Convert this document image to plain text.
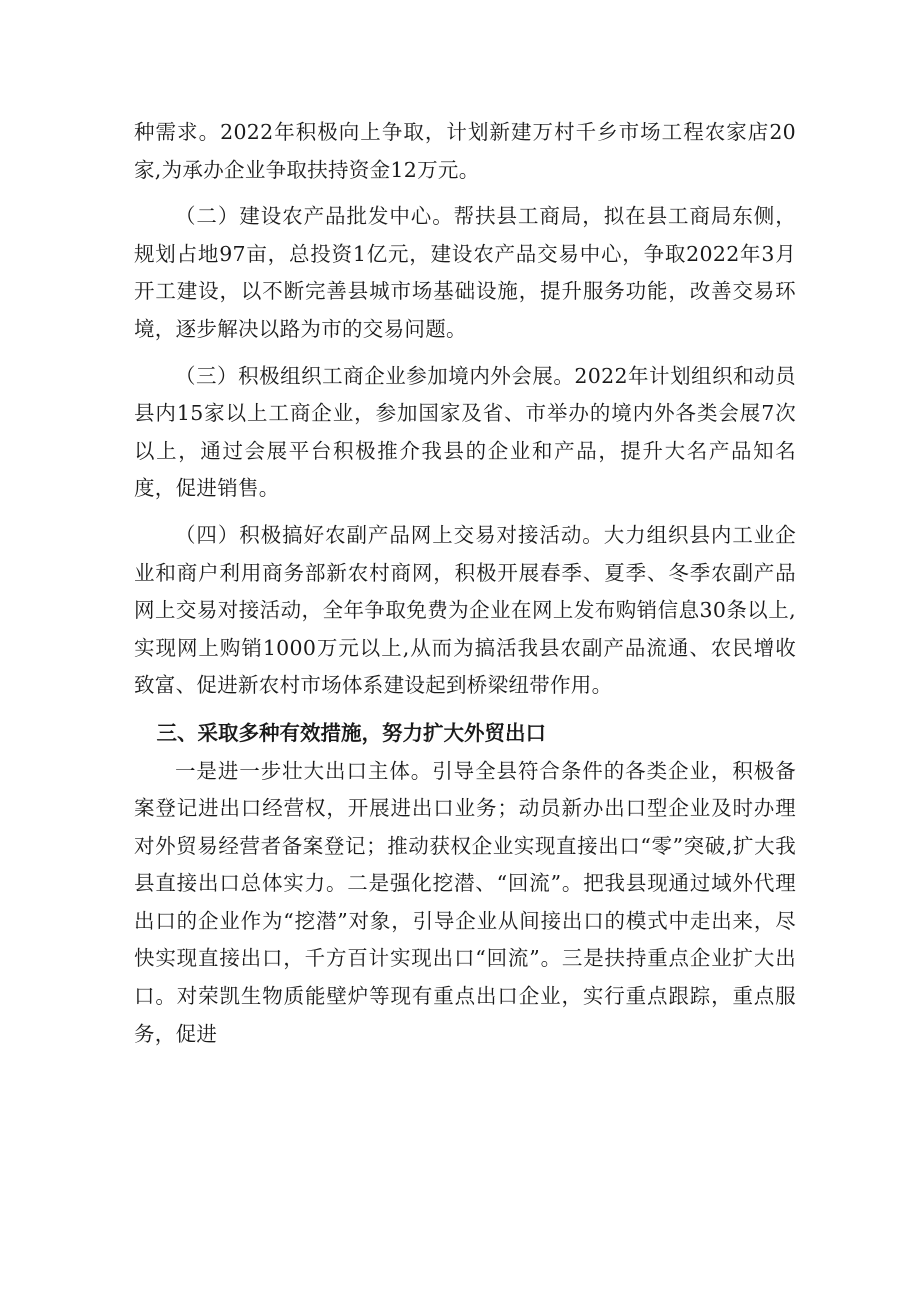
种需求。2022年积极向上争取，计划新建万村千乡市场工程农家店20家,为承办企业争取扶持资金12万元。

（二）建设农产品批发中心。帮扶县工商局，拟在县工商局东侧，规划占地97亩，总投资1亿元，建设农产品交易中心，争取2022年3月开工建设，以不断完善县城市场基础设施，提升服务功能，改善交易环境，逐步解决以路为市的交易问题。

（三）积极组织工商企业参加境内外会展。2022年计划组织和动员县内15家以上工商企业，参加国家及省、市举办的境内外各类会展7次以上，通过会展平台积极推介我县的企业和产品，提升大名产品知名度，促进销售。

（四）积极搞好农副产品网上交易对接活动。大力组织县内工业企业和商户利用商务部新农村商网，积极开展春季、夏季、冬季农副产品网上交易对接活动，全年争取免费为企业在网上发布购销信息30条以上,实现网上购销1000万元以上,从而为搞活我县农副产品流通、农民增收致富、促进新农村市场体系建设起到桥梁纽带作用。

三、采取多种有效措施，努力扩大外贸出口

一是进一步壮大出口主体。引导全县符合条件的各类企业，积极备案登记进出口经营权，开展进出口业务；动员新办出口型企业及时办理对外贸易经营者备案登记；推动获权企业实现直接出口“零”突破,扩大我县直接出口总体实力。二是强化挖潜、“回流”。把我县现通过域外代理出口的企业作为“挖潜”对象，引导企业从间接出口的模式中走出来，尽快实现直接出口，千方百计实现出口“回流”。三是扶持重点企业扩大出口。对荣凯生物质能壁炉等现有重点出口企业，实行重点跟踪，重点服务，促进
